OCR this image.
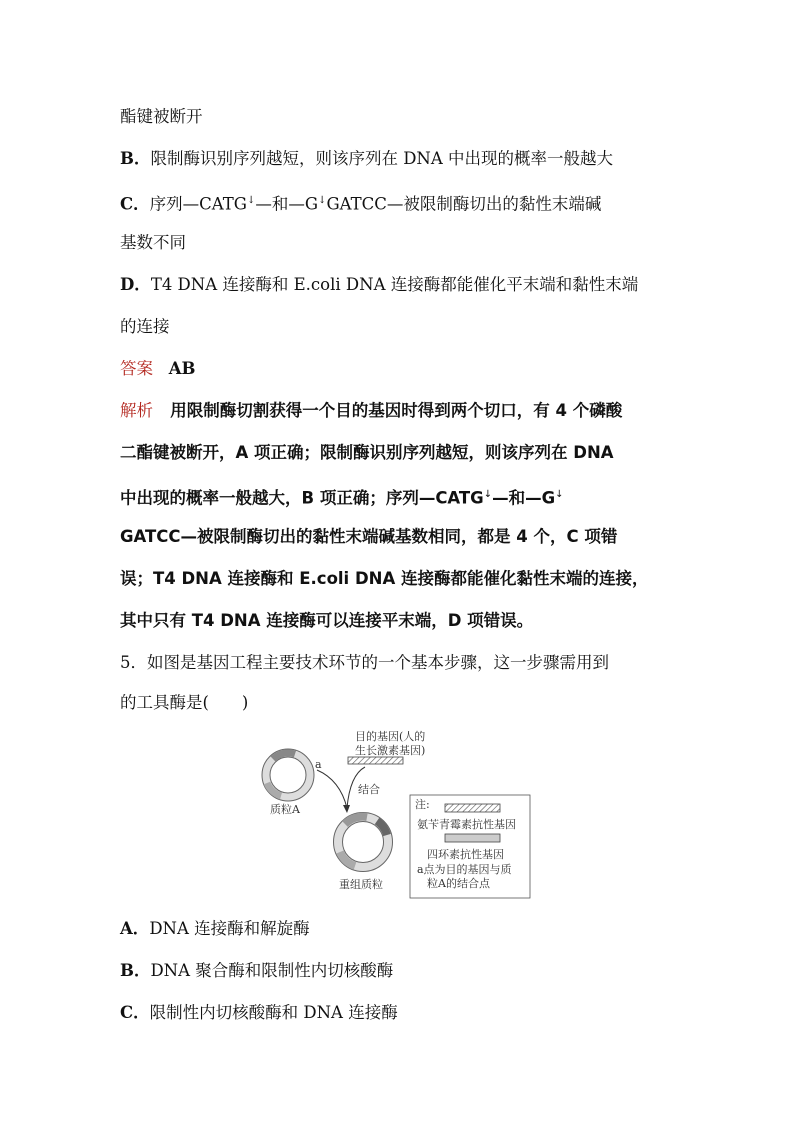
酯键被断开
B．限制酶识别序列越短，则该序列在 DNA 中出现的概率一般越大
C．序列—CATG↓—和—G↓GATCC—被限制酶切出的黏性末端碱
基数不同
D．T4 DNA 连接酶和 E.coli DNA 连接酶都能催化平末端和黏性末端
的连接
答案 AB
解析 用限制酶切割获得一个目的基因时得到两个切口，有 4 个磷酸
二酯键被断开，A 项正确；限制酶识别序列越短，则该序列在 DNA
中出现的概率一般越大，B 项正确；序列—CATG↓—和—G↓
GATCC—被限制酶切出的黏性末端碱基数相同，都是 4 个，C 项错
误；T4 DNA 连接酶和 E.coli DNA 连接酶都能催化黏性末端的连接，
其中只有 T4 DNA 连接酶可以连接平末端，D 项错误。
5．如图是基因工程主要技术环节的一个基本步骤，这一步骤需用到
的工具酶是(　　)
目的基因(人的
生长激素基因)
a
质粒A
结合
重组质粒
注:
氨苄青霉素抗性基因
四环素抗性基因
a点为目的基因与质
粒A的结合点
A．DNA 连接酶和解旋酶
B．DNA 聚合酶和限制性内切核酸酶
C．限制性内切核酸酶和 DNA 连接酶
